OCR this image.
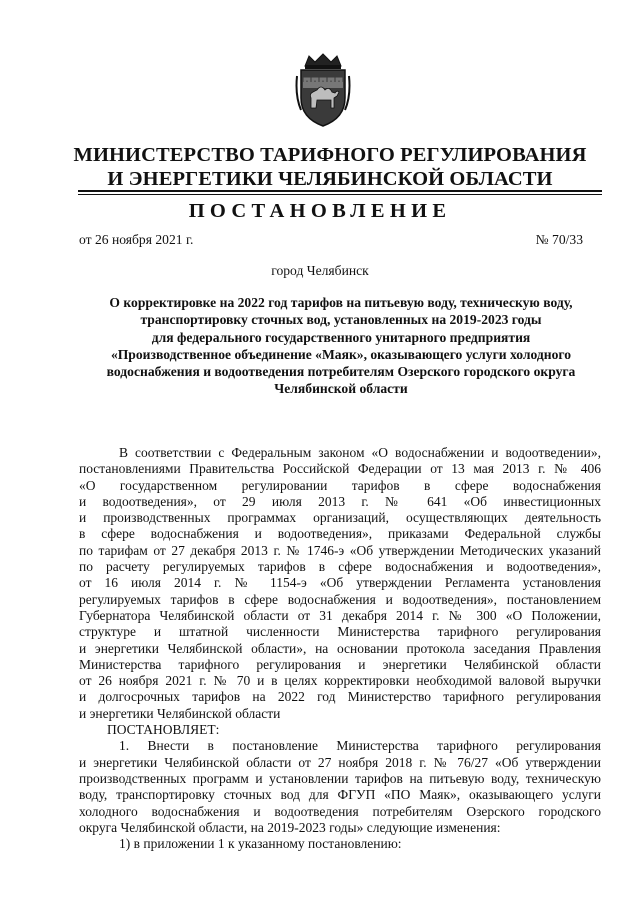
МИНИСТЕРСТВО ТАРИФНОГО РЕГУЛИРОВАНИЯ
И ЭНЕРГЕТИКИ ЧЕЛЯБИНСКОЙ ОБЛАСТИ
ПОСТАНОВЛЕНИЕ
от 26 ноября 2021 г.	№ 70/33
город Челябинск
О корректировке на 2022 год тарифов на питьевую воду, техническую воду,
транспортировку сточных вод, установленных на 2019-2023 годы
для федерального государственного унитарного предприятия
«Производственное объединение «Маяк», оказывающего услуги холодного
водоснабжения и водоотведения потребителям Озерского городского округа
Челябинской области
В соответствии с Федеральным законом «О водоснабжении и водоотведении»,
постановлениями Правительства Российской Федерации от 13 мая 2013 г. № 406
«О государственном регулировании тарифов в сфере водоснабжения
и водоотведения», от 29 июля 2013 г. № 641 «Об инвестиционных
и производственных программах организаций, осуществляющих деятельность
в сфере водоснабжения и водоотведения», приказами Федеральной службы
по тарифам от 27 декабря 2013 г. № 1746-э «Об утверждении Методических указаний
по расчету регулируемых тарифов в сфере водоснабжения и водоотведения»,
от 16 июля 2014 г. № 1154-э «Об утверждении Регламента установления
регулируемых тарифов в сфере водоснабжения и водоотведения», постановлением
Губернатора Челябинской области от 31 декабря 2014 г. № 300 «О Положении,
структуре и штатной численности Министерства тарифного регулирования
и энергетики Челябинской области», на основании протокола заседания Правления
Министерства тарифного регулирования и энергетики Челябинской области
от 26 ноября 2021 г. № 70 и в целях корректировки необходимой валовой выручки
и долгосрочных тарифов на 2022 год Министерство тарифного регулирования
и энергетики Челябинской области
ПОСТАНОВЛЯЕТ:
1. Внести в постановление Министерства тарифного регулирования
и энергетики Челябинской области от 27 ноября 2018 г. № 76/27 «Об утверждении
производственных программ и установлении тарифов на питьевую воду, техническую
воду, транспортировку сточных вод для ФГУП «ПО Маяк», оказывающего услуги
холодного водоснабжения и водоотведения потребителям Озерского городского
округа Челябинской области, на 2019-2023 годы» следующие изменения:
1) в приложении 1 к указанному постановлению:
